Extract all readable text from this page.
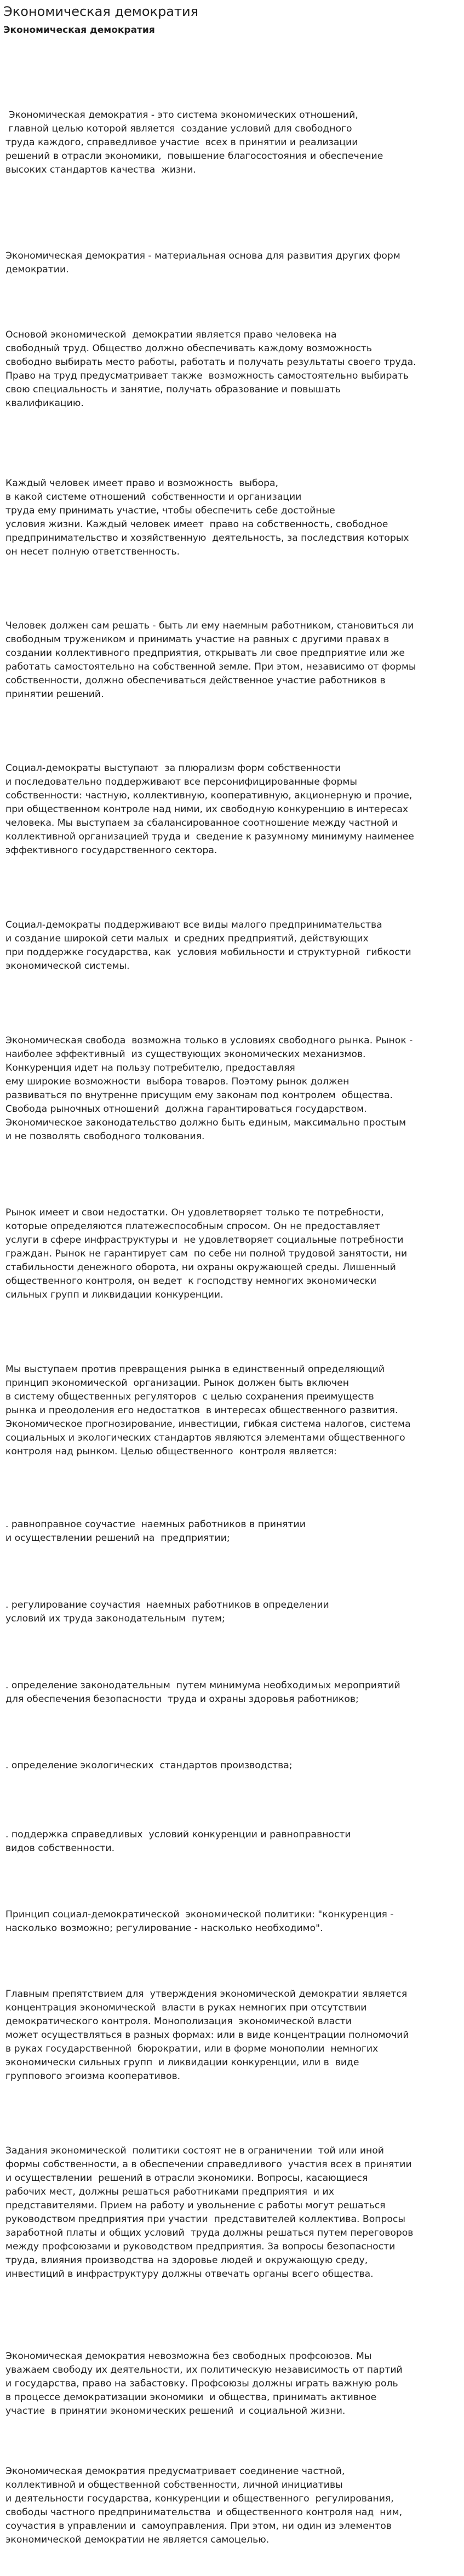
Экономическая демократия
Экономическая демократия

Экономическая демократия - это система экономических отношений,
главной целью которой является  создание условий для свободного
труда каждого, справедливое участие  всех в принятии и реализации
решений в отрасли экономики,  повышение благосостояния и обеспечение
высоких стандартов качества  жизни.

Экономическая демократия - материальная основа для развития других форм
демократии.

Основой экономической  демократии является право человека на
свободный труд. Общество должно обеспечивать каждому возможность
свободно выбирать место работы, работать и получать результаты своего труда.
Право на труд предусматривает также  возможность самостоятельно выбирать
свою специальность и занятие, получать образование и повышать
квалификацию.

Каждый человек имеет право и возможность  выбора,
в какой системе отношений  собственности и организации
труда ему принимать участие, чтобы обеспечить себе достойные
условия жизни. Каждый человек имеет  право на собственность, свободное
предпринимательство и хозяйственную  деятельность, за последствия которых
он несет полную ответственность.

Человек должен сам решать - быть ли ему наемным работником, становиться ли
свободным тружеником и принимать участие на равных с другими правах в
создании коллективного предприятия, открывать ли свое предприятие или же
работать самостоятельно на собственной земле. При этом, независимо от формы
собственности, должно обеспечиваться действенное участие работников в
принятии решений.

Социал-демократы выступают  за плюрализм форм собственности
и последовательно поддерживают все персонифицированные формы
собственности: частную, коллективную, кооперативную, акционерную и прочие,
при общественном контроле над ними, их свободную конкуренцию в интересах
человека. Мы выступаем за сбалансированное соотношение между частной и
коллективной организацией труда и  сведение к разумному минимуму наименее
эффективного государственного сектора.

Социал-демократы поддерживают все виды малого предпринимательства
и создание широкой сети малых  и средних предприятий, действующих
при поддержке государства, как  условия мобильности и структурной  гибкости
экономической системы.

Экономическая свобода  возможна только в условиях свободного рынка. Рынок -
наиболее эффективный  из существующих экономических механизмов.
Конкуренция идет на пользу потребителю, предоставляя
ему широкие возможности  выбора товаров. Поэтому рынок должен
развиваться по внутренне присущим ему законам под контролем  общества.
Свобода рыночных отношений  должна гарантироваться государством.
Экономическое законодательство должно быть единым, максимально простым
и не позволять свободного толкования.

Рынок имеет и свои недостатки. Он удовлетворяет только те потребности,
которые определяются платежеспособным спросом. Он не предоставляет
услуги в сфере инфраструктуры и  не удовлетворяет социальные потребности
граждан. Рынок не гарантирует сам  по себе ни полной трудовой занятости, ни
стабильности денежного оборота, ни охраны окружающей среды. Лишенный
общественного контроля, он ведет  к господству немногих экономически
сильных групп и ликвидации конкуренции.

Мы выступаем против превращения рынка в единственный определяющий
принцип экономической  организации. Рынок должен быть включен
в систему общественных регуляторов  с целью сохранения преимуществ
рынка и преодоления его недостатков  в интересах общественного развития.
Экономическое прогнозирование, инвестиции, гибкая система налогов, система
социальных и экологических стандартов являются элементами общественного
контроля над рынком. Целью общественного  контроля является:

. равноправное соучастие  наемных работников в принятии
и осуществлении решений на  предприятии;

. регулирование соучастия  наемных работников в определении
условий их труда законодательным  путем;

. определение законодательным  путем минимума необходимых мероприятий
для обеспечения безопасности  труда и охраны здоровья работников;

. определение экологических  стандартов производства;

. поддержка справедливых  условий конкуренции и равноправности
видов собственности.

Принцип социал-демократической  экономической политики: "конкуренция -
насколько возможно; регулирование - насколько необходимо".

Главным препятствием для  утверждения экономической демократии является
концентрация экономической  власти в руках немногих при отсутствии
демократического контроля. Монополизация  экономической власти
может осуществляться в разных формах: или в виде концентрации полномочий
в руках государственной  бюрократии, или в форме монополии  немногих
экономически сильных групп  и ликвидации конкуренции, или в  виде
группового эгоизма кооперативов.

Задания экономической  политики состоят не в ограничении  той или иной
формы собственности, а в обеспечении справедливого  участия всех в принятии
и осуществлении  решений в отрасли экономики. Вопросы, касающиеся
рабочих мест, должны решаться работниками предприятия  и их
представителями. Прием на работу и увольнение с работы могут решаться
руководством предприятия при участии  представителей коллектива. Вопросы
заработной платы и общих условий  труда должны решаться путем переговоров
между профсоюзами и руководством предприятия. За вопросы безопасности
труда, влияния производства на здоровье людей и окружающую среду,
инвестиций в инфраструктуру должны отвечать органы всего общества.

Экономическая демократия невозможна без свободных профсоюзов. Мы
уважаем свободу их деятельности, их политическую независимость от партий
и государства, право на забастовку. Профсоюзы должны играть важную роль
в процессе демократизации экономики  и общества, принимать активное
участие  в принятии экономических решений  и социальной жизни.

Экономическая демократия предусматривает соединение частной,
коллективной и общественной собственности, личной инициативы
и деятельности государства, конкуренции и общественного  регулирования,
свободы частного предпринимательства  и общественного контроля над  ним,
соучастия в управлении и  самоуправления. При этом, ни один из элементов
экономической демократии не является самоцелью.
